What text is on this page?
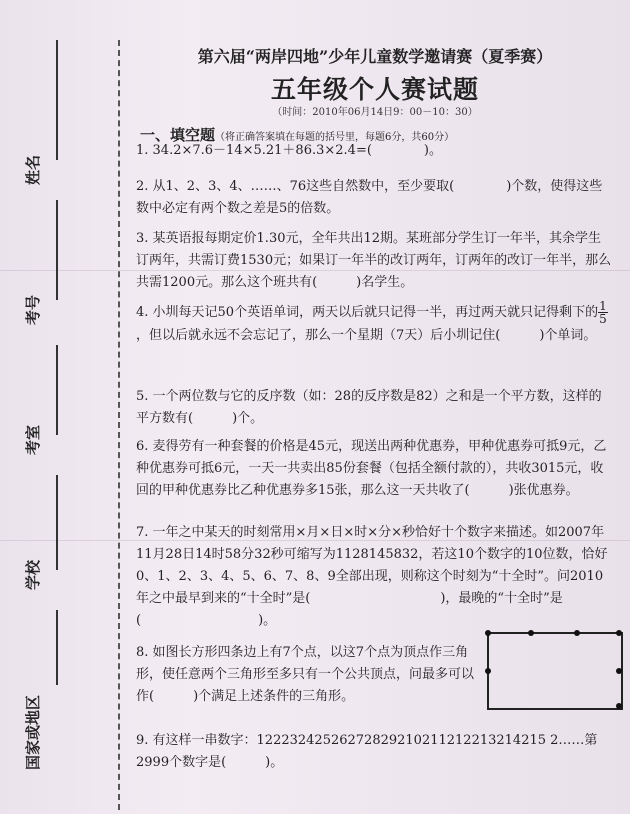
姓名
考号
考室
学校
国家或地区
第六届“两岸四地”少年儿童数学邀请赛（夏季赛）
五年级个人赛试题
（时间：2010年06月14日9：00－10：30）
一、填空题（将正确答案填在每题的括号里，每题6分，共60分）
1. 34.2×7.6－14×5.21＋86.3×2.4=(　　　　)。
2. 从1、2、3、4、……、76这些自然数中，至少要取(　　　　)个数，使得这些数中必定有两个数之差是5的倍数。
3. 某英语报每期定价1.30元，全年共出12期。某班部分学生订一年半，其余学生订两年，共需订费1530元；如果订一年半的改订两年，订两年的改订一年半，那么共需1200元。那么这个班共有(　　　)名学生。
4. 小圳每天记50个英语单词，两天以后就只记得一半，再过两天就只记得剩下的 $\frac{1}{5}$
，但以后就永远不会忘记了，那么一个星期（7天）后小圳记住(　　　)个单词。
5. 一个两位数与它的反序数（如：28的反序数是82）之和是一个平方数，这样的平方数有(　　　)个。
6. 麦得劳有一种套餐的价格是45元，现送出两种优惠券，甲种优惠券可抵9元，乙种优惠券可抵6元，一天一共卖出85份套餐（包括全额付款的），共收3015元，收回的甲种优惠券比乙种优惠券多15张，那么这一天共收了(　　　)张优惠券。
7. 一年之中某天的时刻常用×月×日×时×分×秒恰好十个数字来描述。如2007年11月28日14时58分32秒可缩写为1128145832，若这10个数字的10位数，恰好0、1、2、3、4、5、6、7、8、9全部出现，则称这个时刻为“十全时”。问2010年之中最早到来的“十全时”是(　　　　　　　　　　)，最晚的“十全时”是(　　　　　　　　　)。
8. 如图长方形四条边上有7个点，以这7个点为顶点作三角形，使任意两个三角形至多只有一个公共顶点，问最多可以作(　　　)个满足上述条件的三角形。
9. 有这样一串数字：12223242526272829210211212213214215 2……第2999个数字是(　　　)。
